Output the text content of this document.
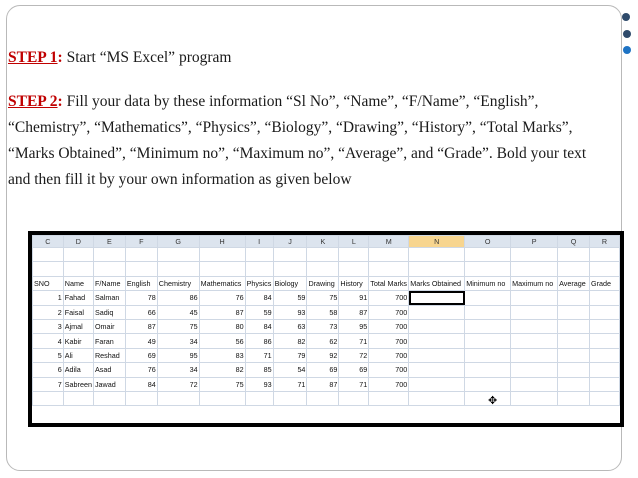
STEP 1: Start “MS Excel” program

STEP 2: Fill your data by these information “Sl No”, “Name”, “F/Name”, “English”, “Chemistry”, “Mathematics”, “Physics”, “Biology”, “Drawing”, “History”, “Total Marks”, “Marks Obtained”, “Minimum no”, “Maximum no”, “Average”, and “Grade”. Bold your text and then fill it by your own information as given below

C	D	E	F	G	H	I	J	K	L	M	N	O	P	Q	R

SNO	Name	F/Name	English	Chemistry	Mathematics	Physics	Biology	Drawing	History	Total Marks	Marks Obtained	Minimum no	Maximum no	Average	Grade
1	Fahad	Salman	78	86	76	84	59	75	91	700					
2	Faisal	Sadiq	66	45	87	59	93	58	87	700					
3	Ajmal	Omair	87	75	80	84	63	73	95	700					
4	Kabir	Faran	49	34	56	86	82	62	71	700					
5	Ali	Reshad	69	95	83	71	79	92	72	700					
6	Adila	Asad	76	34	82	85	54	69	69	700					
7	Sabreen	Jawad	84	72	75	93	71	87	71	700					

✥
